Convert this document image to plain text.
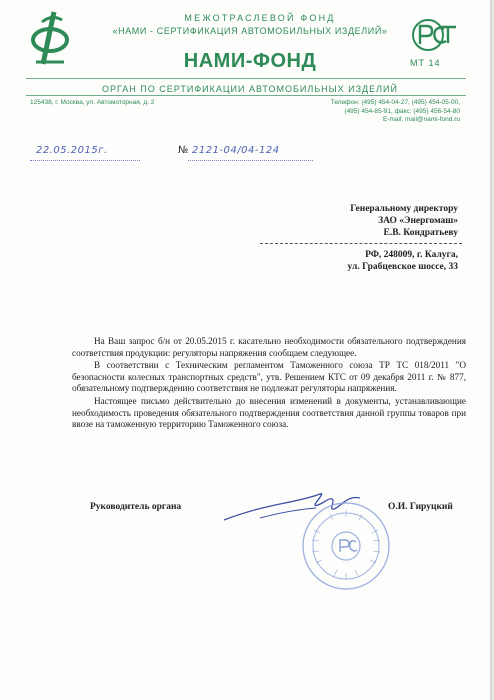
МЕЖОТРАСЛЕВОЙ ФОНД
«НАМИ - СЕРТИФИКАЦИЯ АВТОМОБИЛЬНЫХ ИЗДЕЛИЙ»
НАМИ-ФОНД	МТ 14
ОРГАН ПО СЕРТИФИКАЦИИ АВТОМОБИЛЬНЫХ ИЗДЕЛИЙ
125438, г. Москва, ул. Автомоторная, д. 2	Телефон: (495) 454-04-27, (495) 454-05-00,
(495) 454-85-91, факс: (495) 456-54-80
E-mail: mail@nami-fond.ru
22.05.2015г.	№ 2121-04/04-124
Генеральному директору
ЗАО «Энергомаш»
Е.В. Кондратьеву
РФ, 248009, г. Калуга,
ул. Грабцевское шоссе, 33

На Ваш запрос б/н от 20.05.2015 г. касательно необходимости обязательного подтверждения соответствия продукции: регуляторы напряжения сообщаем следующее.

В соответствии с Техническим регламентом Таможенного союза ТР ТС 018/2011 "О безопасности колесных транспортных средств", утв. Решением КТС от 09 декабря 2011 г. № 877, обязательному подтверждению соответствия не подлежат регуляторы напряжения.

Настоящее письмо действительно до внесения изменений в документы, устанавливающие необходимость проведения обязательного подтверждения соответствия данной группы товаров при ввозе на таможенную территорию Таможенного союза.

Руководитель органа	О.И. Гируцкий
